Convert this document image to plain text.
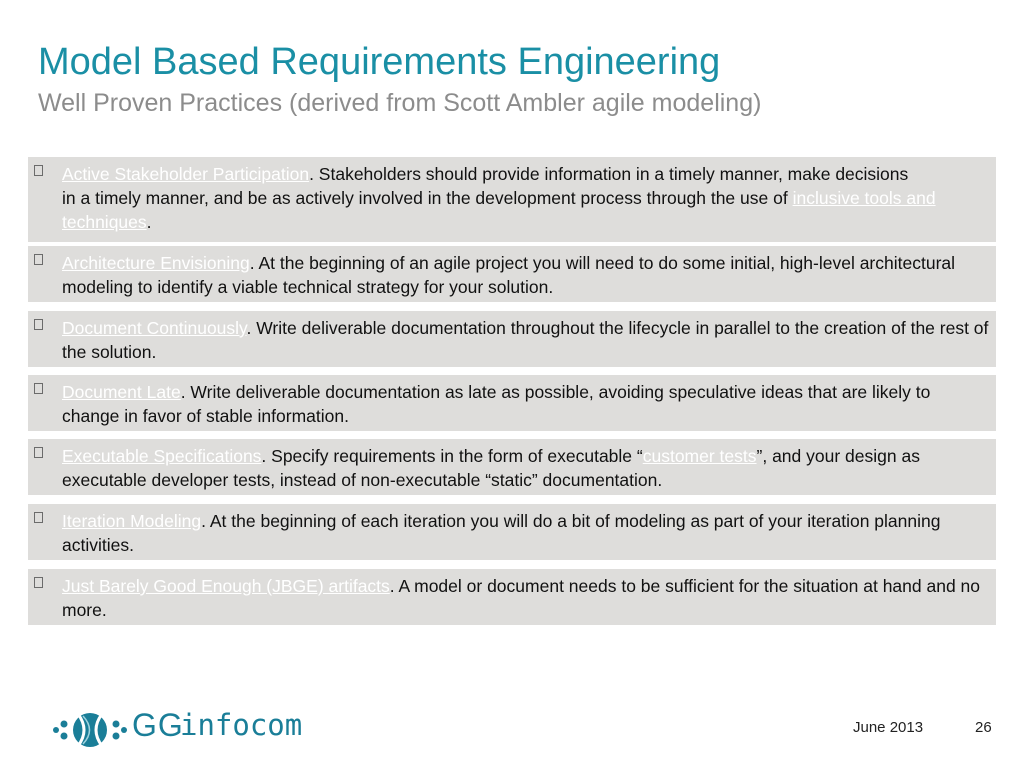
Model Based Requirements Engineering
Well Proven Practices (derived from Scott Ambler agile modeling)
Active Stakeholder Participation. Stakeholders should provide information in a timely manner, make decisions
in a timely manner, and be as actively involved in the development process through the use of inclusive tools and techniques.
Architecture Envisioning. At the beginning of an agile project you will need to do some initial, high-level architectural modeling to identify a viable technical strategy for your solution.
Document Continuously. Write deliverable documentation throughout the lifecycle in parallel to the creation of the rest of the solution.
Document Late. Write deliverable documentation as late as possible, avoiding speculative ideas that are likely to change in favor of stable information.
Executable Specifications. Specify requirements in the form of executable “customer tests”, and your design as executable developer tests, instead of non-executable “static” documentation.
Iteration Modeling. At the beginning of each iteration you will do a bit of modeling as part of your iteration planning activities.
Just Barely Good Enough (JBGE) artifacts. A model or document needs to be sufficient for the situation at hand and no more.
GG
infocom	June 2013	26
